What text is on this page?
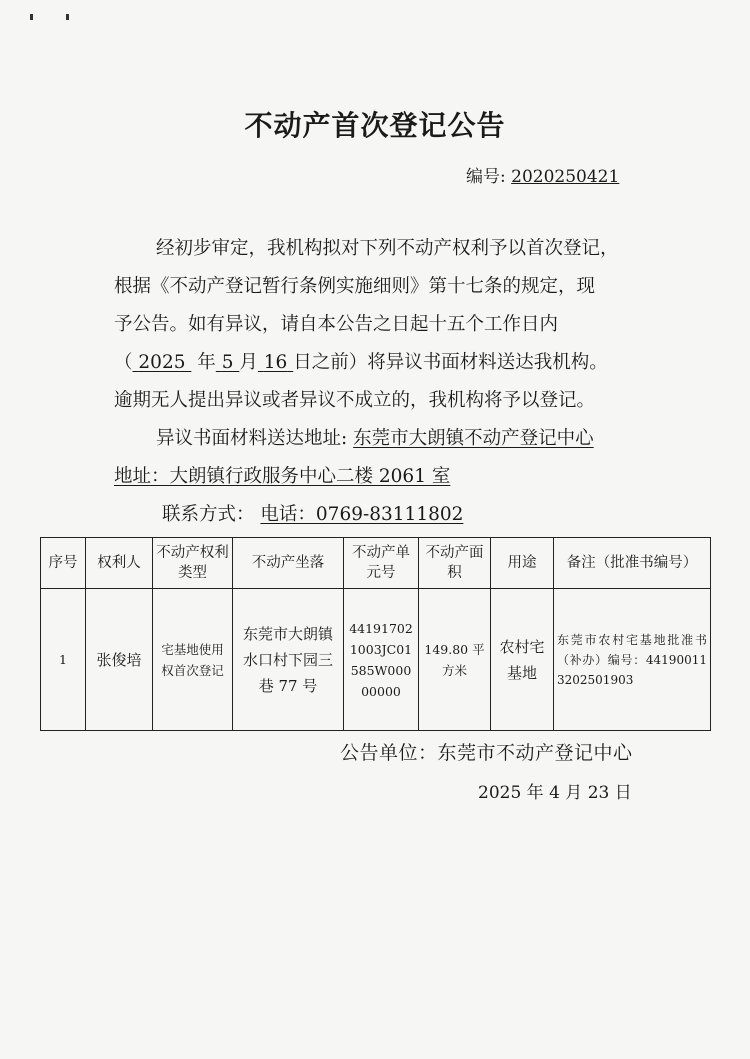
不动产首次登记公告
编号: 2020250421
经初步审定，我机构拟对下列不动产权利予以首次登记，
根据《不动产登记暂行条例实施细则》第十七条的规定，现
予公告。如有异议，请自本公告之日起十五个工作日内
（ 2025 年 5 月 16 日之前）将异议书面材料送达我机构。
逾期无人提出异议或者异议不成立的，我机构将予以登记。
异议书面材料送达地址: 东莞市大朗镇不动产登记中心
地址：大朗镇行政服务中心二楼 2061 室
联系方式： 电话：0769-83111802
序号	权利人	不动产权利类型	不动产坐落	不动产单元号	不动产面积	用途	备注（批准书编号）
1	张俊培	宅基地使用权首次登记	东莞市大朗镇水口村下园三巷 77 号	441917021003JC01585W00000000	149.80 平方米	农村宅基地	东莞市农村宅基地批准书（补办）编号：441900113202501903
公告单位：东莞市不动产登记中心
2025 年 4 月 23 日
